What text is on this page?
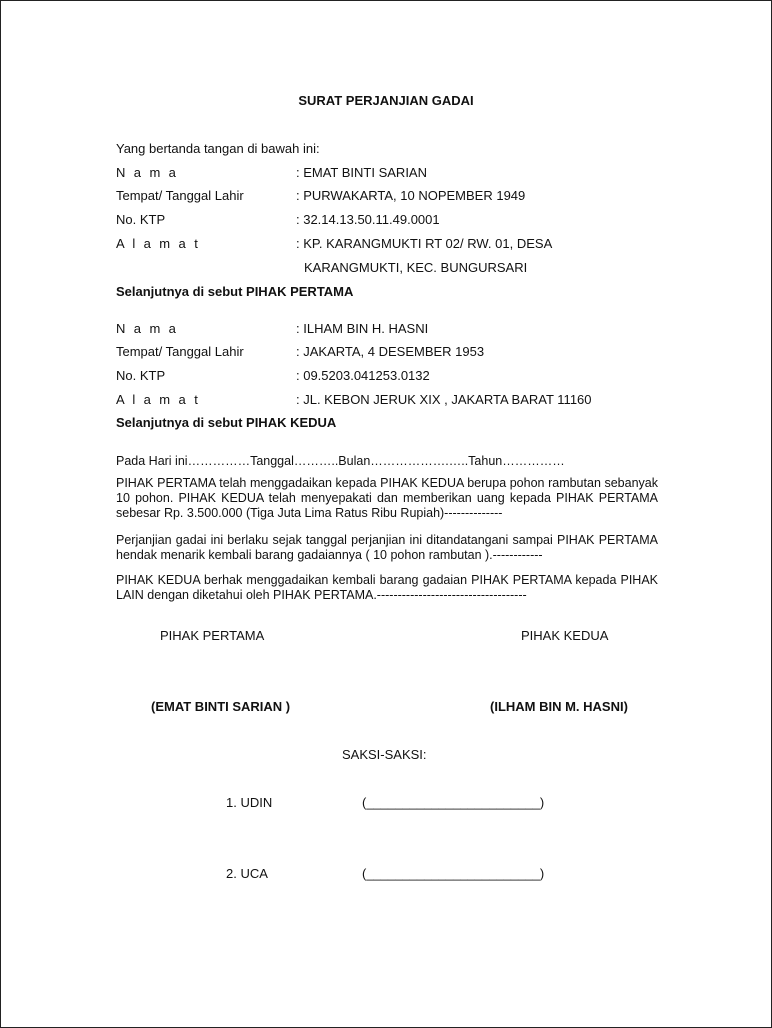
SURAT PERJANJIAN GADAI
Yang bertanda tangan di bawah ini:
N a m a	: EMAT BINTI SARIAN
Tempat/ Tanggal Lahir	: PURWAKARTA, 10 NOPEMBER 1949
No. KTP	: 32.14.13.50.11.49.0001
A l a m a t	: KP. KARANGMUKTI RT 02/ RW. 01, DESA
KARANGMUKTI, KEC. BUNGURSARI
Selanjutnya di sebut PIHAK PERTAMA
N a m a	: ILHAM BIN H. HASNI
Tempat/ Tanggal Lahir	: JAKARTA, 4 DESEMBER 1953
No. KTP	: 09.5203.041253.0132
A l a m a t	: JL. KEBON JERUK XIX , JAKARTA BARAT 11160
Selanjutnya di sebut PIHAK KEDUA
Pada Hari ini……………Tanggal………..Bulan……………….…..Tahun……………
PIHAK PERTAMA telah menggadaikan kepada PIHAK KEDUA berupa pohon rambutan sebanyak 10 pohon. PIHAK KEDUA telah menyepakati dan memberikan uang kepada PIHAK PERTAMA sebesar Rp. 3.500.000 (Tiga Juta Lima Ratus Ribu Rupiah)--------------
Perjanjian gadai ini berlaku sejak tanggal perjanjian ini ditandatangani sampai PIHAK PERTAMA hendak menarik kembali barang gadaiannya ( 10 pohon rambutan ).------------
PIHAK KEDUA berhak menggadaikan kembali barang gadaian PIHAK PERTAMA kepada PIHAK LAIN dengan diketahui oleh PIHAK PERTAMA.------------------------------------
PIHAK PERTAMA	PIHAK KEDUA
(EMAT BINTI SARIAN )	(ILHAM BIN M. HASNI)
SAKSI-SAKSI:
1. UDIN	(________________________)
2. UCA	(________________________)
